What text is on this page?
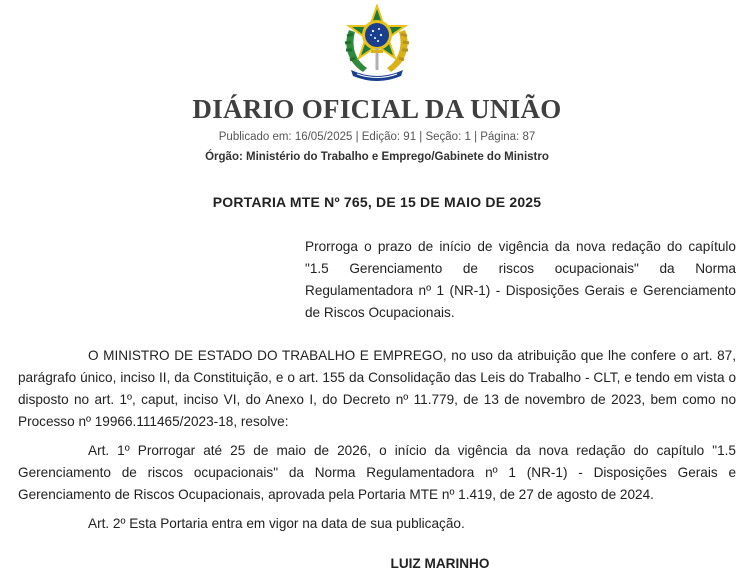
DIÁRIO OFICIAL DA UNIÃO
Publicado em: 16/05/2025 | Edição: 91 | Seção: 1 | Página: 87
Órgão: Ministério do Trabalho e Emprego/Gabinete do Ministro
PORTARIA MTE Nº 765, DE 15 DE MAIO DE 2025
Prorroga o prazo de início de vigência da nova redação do capítulo "1.5 Gerenciamento de riscos ocupacionais" da Norma Regulamentadora nº 1 (NR-1) - Disposições Gerais e Gerenciamento de Riscos Ocupacionais.
O MINISTRO DE ESTADO DO TRABALHO E EMPREGO, no uso da atribuição que lhe confere o art. 87, parágrafo único, inciso II, da Constituição, e o art. 155 da Consolidação das Leis do Trabalho - CLT, e tendo em vista o disposto no art. 1º, caput, inciso VI, do Anexo I, do Decreto nº 11.779, de 13 de novembro de 2023, bem como no Processo nº 19966.111465/2023-18, resolve:
Art. 1º Prorrogar até 25 de maio de 2026, o início da vigência da nova redação do capítulo "1.5 Gerenciamento de riscos ocupacionais" da Norma Regulamentadora nº 1 (NR-1) - Disposições Gerais e Gerenciamento de Riscos Ocupacionais, aprovada pela Portaria MTE nº 1.419, de 27 de agosto de 2024.
Art. 2º Esta Portaria entra em vigor na data de sua publicação.
LUIZ MARINHO
